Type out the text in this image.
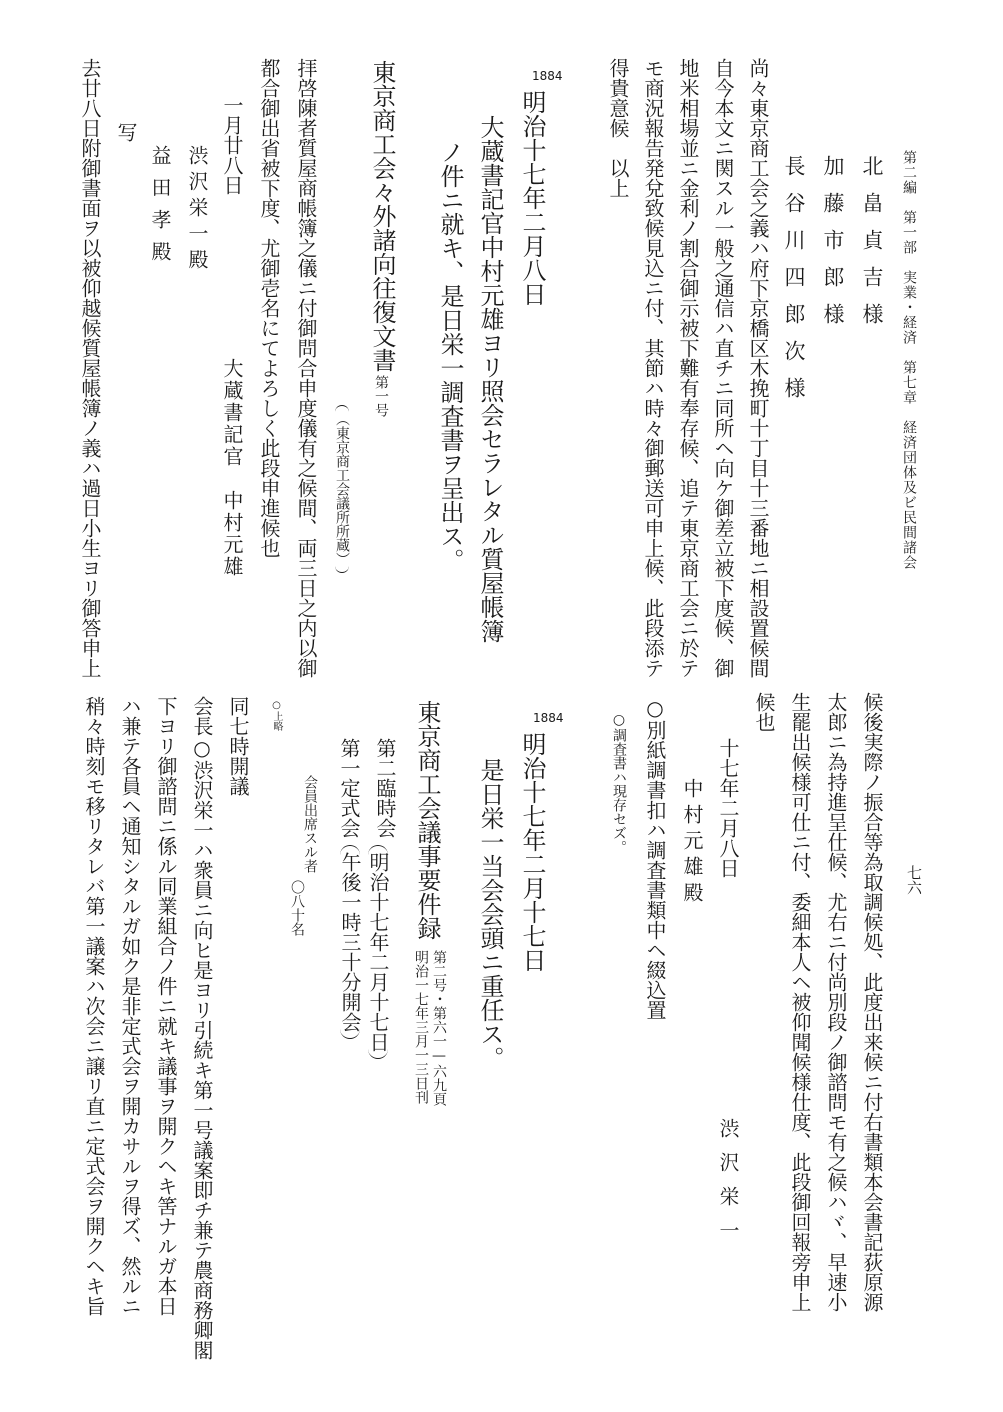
第二編　第一部　実業・経済　第七章　経済団体及ビ民間諸会
七六
北畠貞吉様
加藤市郎様
長谷川四郎次様
尚々東京商工会之義ハ府下京橋区木挽町十丁目十三番地ニ相設置候間
自今本文ニ関スル一般之通信ハ直チニ同所ヘ向ケ御差立被下度候、御
地米相場並ニ金利ノ割合御示被下難有奉存候、追テ東京商工会ニ於テ
モ商況報告発兌致候見込ニ付、其節ハ時々御郵送可申上候、此段添テ
得貴意候　以上
1884
明治十七年二月八日
大蔵書記官中村元雄ヨリ照会セラレタル質屋帳簿
ノ件ニ就キ、是日栄一調査書ヲ呈出ス。
東京商工会々外諸向往復文書
第一号
（東京商工会議所所蔵）
拝啓陳者質屋商帳簿之儀ニ付御問合申度儀有之候間、両三日之内以御
都合御出省被下度、尤御壱名にてよろしく此段申進候也
一月廿八日
大蔵書記官　中村元雄
渋沢栄一殿
益田孝殿
写
去廿八日附御書面ヲ以被仰越候質屋帳簿ノ義ハ過日小生ヨリ御答申上
候後実際ノ振合等為取調候処、此度出来候ニ付右書類本会書記荻原源
太郎ニ為持進呈仕候、尤右ニ付尚別段ノ御諮問モ有之候ハヾ、早速小
生罷出候様可仕ニ付、委細本人ヘ被仰聞候様仕度、此段御回報旁申上
候也
十七年二月八日
渋沢栄一
中村元雄殿
○別紙調書扣ハ調査書類中ヘ綴込置
○調査書ハ現存セズ。
1884
明治十七年二月十七日
是日栄一当会会頭ニ重任ス。
東京商工会議事要件録
第二号・第六一—六九頁
明治一七年三月一三日刊
第二臨時会
明治十七年二月十七日
午後一時三十分開会
第一定式会
会員出席スル者
〇八十名
○上略
同七時開議
会長○渋沢栄一ハ衆員ニ向ヒ是ヨリ引続キ第一号議案即チ兼テ農商務卿閣
下ヨリ御諮問ニ係ル同業組合ノ件ニ就キ議事ヲ開クヘキ筈ナルガ本日
ハ兼テ各員ヘ通知シタルガ如ク是非定式会ヲ開カサルヲ得ズ、然ルニ
稍々時刻モ移リタレバ第一議案ハ次会ニ譲リ直ニ定式会ヲ開クヘキ旨
